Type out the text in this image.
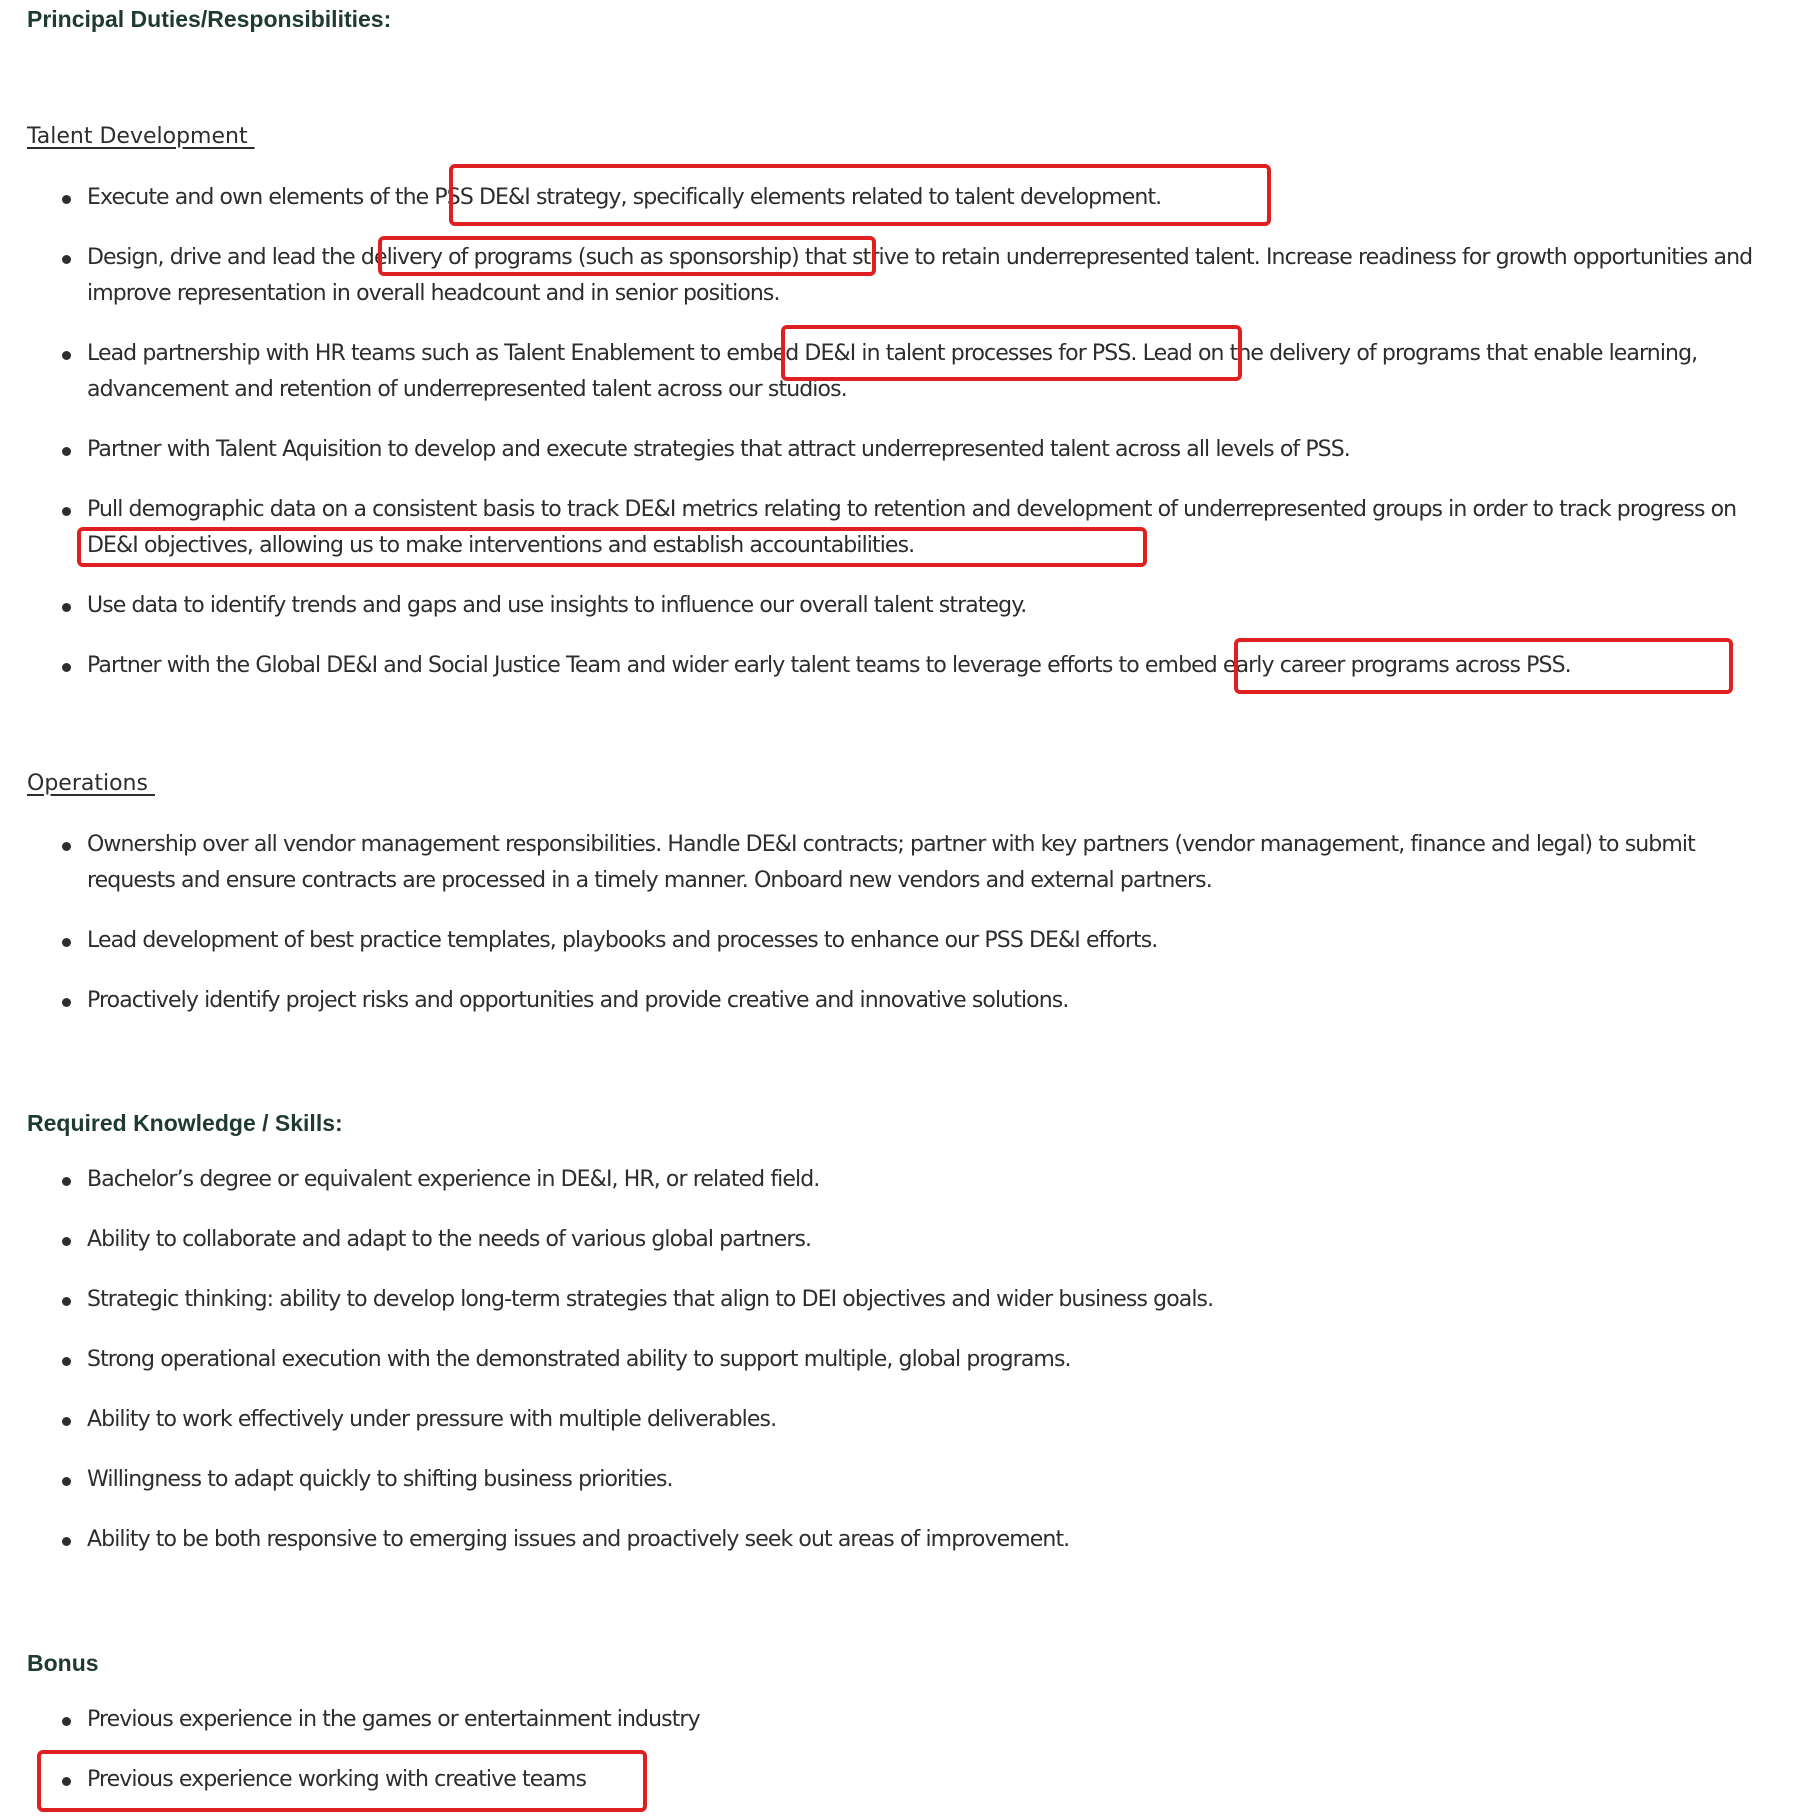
Principal Duties/Responsibilities:
Talent Development

Execute and own elements of the PSS DE&I strategy, specifically elements related to talent development.

Design, drive and lead the delivery of programs (such as sponsorship) that strive to retain underrepresented talent. Increase readiness for growth opportunities and improve representation in overall headcount and in senior positions.

Lead partnership with HR teams such as Talent Enablement to embed DE&I in talent processes for PSS. Lead on the delivery of programs that enable learning, advancement and retention of underrepresented talent across our studios.

Partner with Talent Aquisition to develop and execute strategies that attract underrepresented talent across all levels of PSS.

Pull demographic data on a consistent basis to track DE&I metrics relating to retention and development of underrepresented groups in order to track progress on DE&I objectives, allowing us to make interventions and establish accountabilities.

Use data to identify trends and gaps and use insights to influence our overall talent strategy.

Partner with the Global DE&I and Social Justice Team and wider early talent teams to leverage efforts to embed early career programs across PSS.

Operations

Ownership over all vendor management responsibilities. Handle DE&I contracts; partner with key partners (vendor management, finance and legal) to submit requests and ensure contracts are processed in a timely manner. Onboard new vendors and external partners.

Lead development of best practice templates, playbooks and processes to enhance our PSS DE&I efforts.

Proactively identify project risks and opportunities and provide creative and innovative solutions.

Required Knowledge / Skills:

Bachelor’s degree or equivalent experience in DE&I, HR, or related field.

Ability to collaborate and adapt to the needs of various global partners.

Strategic thinking: ability to develop long-term strategies that align to DEI objectives and wider business goals.

Strong operational execution with the demonstrated ability to support multiple, global programs.

Ability to work effectively under pressure with multiple deliverables.

Willingness to adapt quickly to shifting business priorities.

Ability to be both responsive to emerging issues and proactively seek out areas of improvement.

Bonus

Previous experience in the games or entertainment industry

Previous experience working with creative teams
